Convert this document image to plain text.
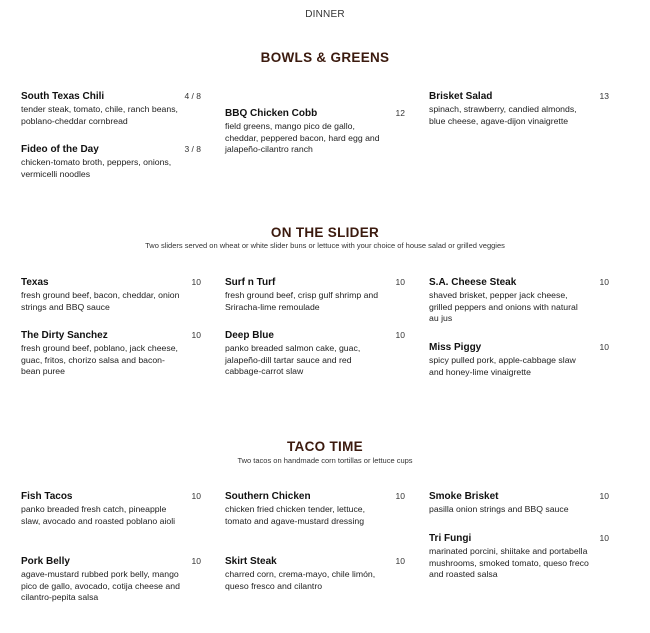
DINNER
BOWLS & GREENS
South Texas Chili	4 / 8
tender steak, tomato, chile, ranch beans, poblano-cheddar cornbread
Fideo of the Day	3 / 8
chicken-tomato broth, peppers, onions, vermicelli noodles
BBQ Chicken Cobb	12
field greens, mango pico de gallo, cheddar, peppered bacon, hard egg and jalapeño-cilantro ranch
Brisket Salad	13
spinach, strawberry, candied almonds, blue cheese, agave-dijon vinaigrette
ON THE SLIDER
Two sliders served on wheat or white slider buns or lettuce with your choice of house salad or grilled veggies
Texas	10
fresh ground beef, bacon, cheddar, onion strings and BBQ sauce
The Dirty Sanchez	10
fresh ground beef, poblano, jack cheese, guac, fritos, chorizo salsa and bacon-bean puree
Surf n Turf	10
fresh ground beef, crisp gulf shrimp and Sriracha-lime remoulade
Deep Blue	10
panko breaded salmon cake, guac, jalapeño-dill tartar sauce and red cabbage-carrot slaw
S.A. Cheese Steak	10
shaved brisket, pepper jack cheese, grilled peppers and onions with natural au jus
Miss Piggy	10
spicy pulled pork, apple-cabbage slaw and honey-lime vinaigrette
TACO TIME
Two tacos on handmade corn tortillas or lettuce cups
Fish Tacos	10
panko breaded fresh catch, pineapple slaw, avocado and roasted poblano aioli
Pork Belly	10
agave-mustard rubbed pork belly, mango pico de gallo, avocado, cotija cheese and cilantro-pepita salsa
Southern Chicken	10
chicken fried chicken tender, lettuce, tomato and agave-mustard dressing
Skirt Steak	10
charred corn, crema-mayo, chile limón, queso fresco and cilantro
Smoke Brisket	10
pasilla onion strings and BBQ sauce
Tri Fungi	10
marinated porcini, shiitake and portabella mushrooms, smoked tomato, queso freco and roasted salsa
